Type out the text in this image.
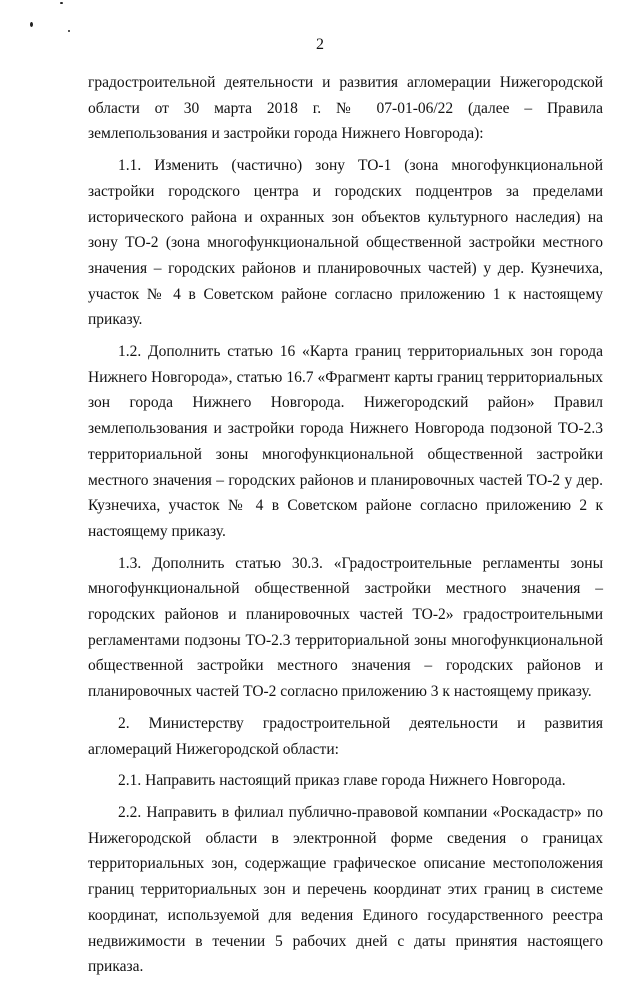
2

градостроительной деятельности и развития агломерации Нижегородской области от 30 марта 2018 г. № 07-01-06/22 (далее – Правила землепользования и застройки города Нижнего Новгорода):

1.1. Изменить (частично) зону ТО-1 (зона многофункциональной застройки городского центра и городских подцентров за пределами исторического района и охранных зон объектов культурного наследия) на зону ТО-2 (зона многофункциональной общественной застройки местного значения – городских районов и планировочных частей) у дер. Кузнечиха, участок № 4 в Советском районе согласно приложению 1 к настоящему приказу.

1.2. Дополнить статью 16 «Карта границ территориальных зон города Нижнего Новгорода», статью 16.7 «Фрагмент карты границ территориальных зон города Нижнего Новгорода. Нижегородский район» Правил землепользования и застройки города Нижнего Новгорода подзоной ТО-2.3 территориальной зоны многофункциональной общественной застройки местного значения – городских районов и планировочных частей ТО-2 у дер. Кузнечиха, участок № 4 в Советском районе согласно приложению 2 к настоящему приказу.

1.3. Дополнить статью 30.3. «Градостроительные регламенты зоны многофункциональной общественной застройки местного значения – городских районов и планировочных частей ТО-2» градостроительными регламентами подзоны ТО-2.3 территориальной зоны многофункциональной общественной застройки местного значения – городских районов и планировочных частей ТО-2 согласно приложению 3 к настоящему приказу.

2. Министерству градостроительной деятельности и развития агломераций Нижегородской области:

2.1. Направить настоящий приказ главе города Нижнего Новгорода.

2.2. Направить в филиал публично-правовой компании «Роскадастр» по Нижегородской области в электронной форме сведения о границах территориальных зон, содержащие графическое описание местоположения границ территориальных зон и перечень координат этих границ в системе координат, используемой для ведения Единого государственного реестра недвижимости в течении 5 рабочих дней с даты принятия настоящего приказа.
